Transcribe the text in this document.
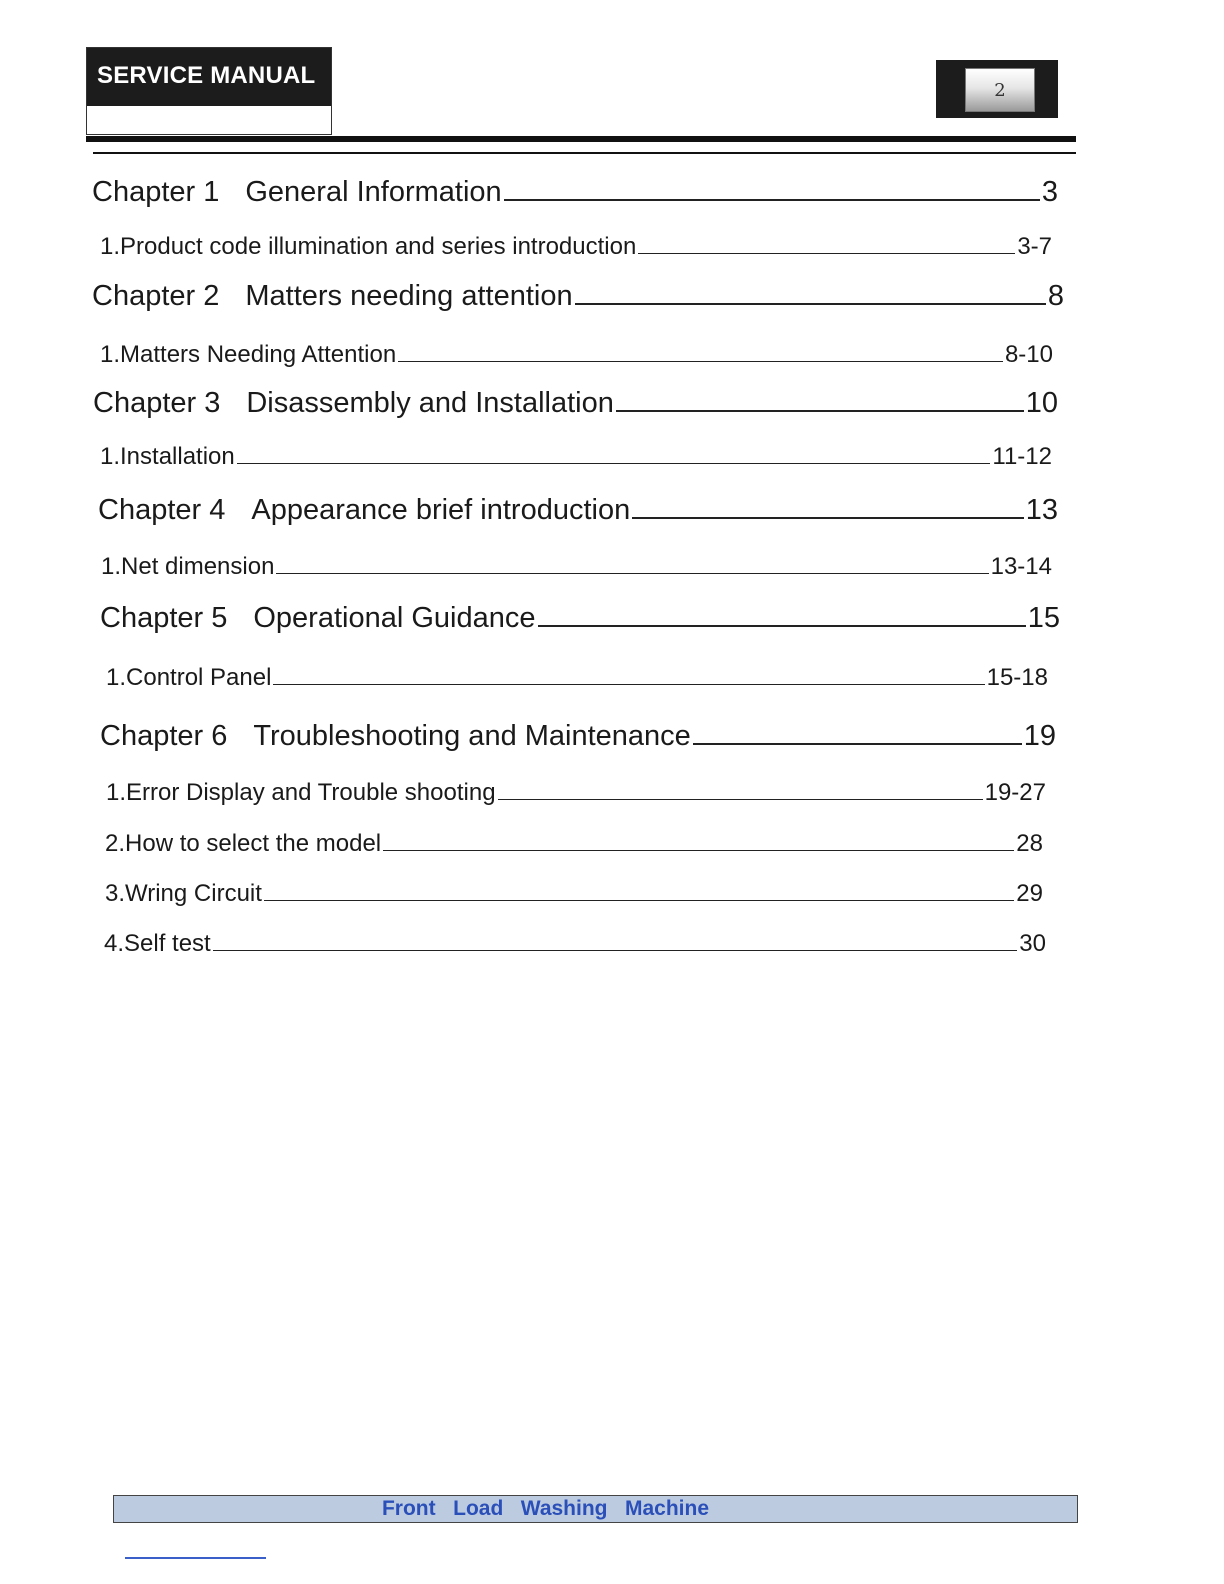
SERVICE MANUAL
2
Chapter 1 General Information	3
1.Product code illumination and series introduction	3-7
Chapter 2 Matters needing attention	8
1.Matters Needing Attention	8-10
Chapter 3 Disassembly and Installation	10
1.Installation	11-12
Chapter 4 Appearance brief introduction	13
1.Net dimension	13-14
Chapter 5 Operational Guidance	15
1.Control Panel	15-18
Chapter 6 Troubleshooting and Maintenance	19
1.Error Display and Trouble shooting	19-27
2.How to select the model	28
3.Wring Circuit	29
4.Self test	30
Front   Load   Washing   Machine
